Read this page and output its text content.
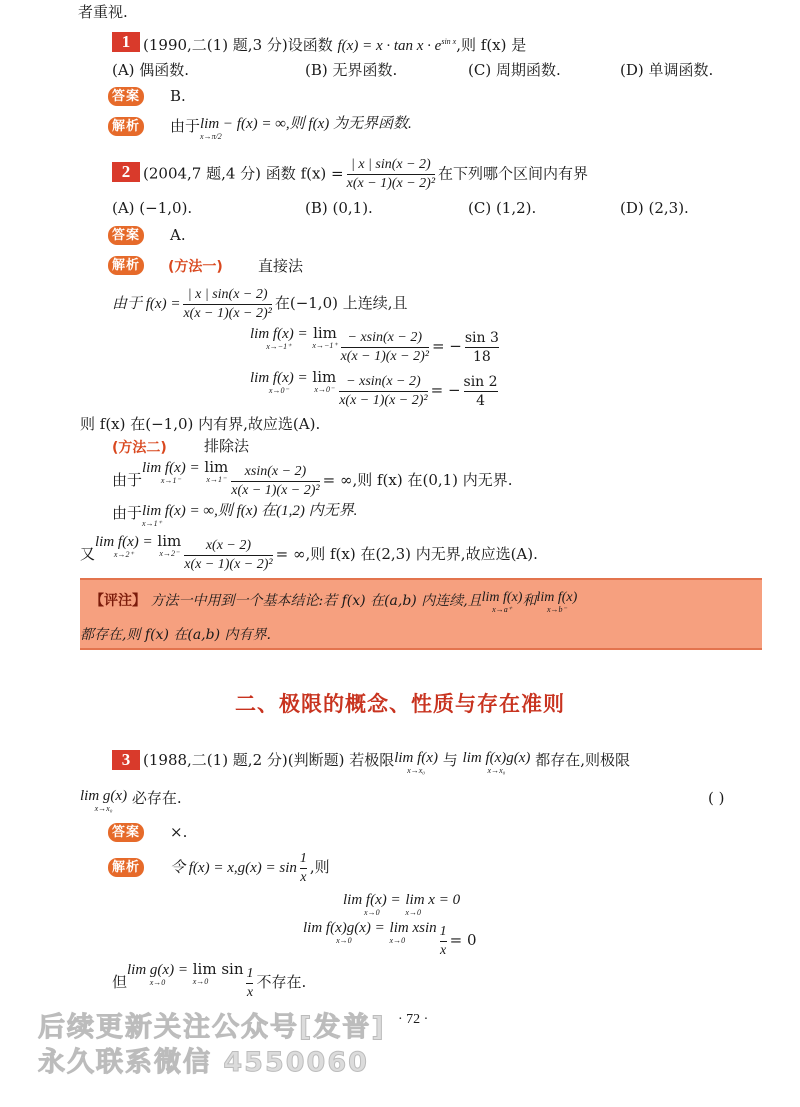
者重视.
1 (1990,二(1) 题,3 分)设函数 $f(x) = x \cdot \tan x \cdot e^{sin x}$,则 f(x) 是
(A) 偶函数.	(B) 无界函数.	(C) 周期函数.	(D) 单调函数.
答案 B.
解析 由于lim − f(x) = ∞,则 f(x) 为无界函数.
x→π/2
2 (2004,7 题,4 分) 函数 $f(x) = \frac{| x | \sin(x - 2)}{\text{x(x − 1)(x − 2)²}}$ 在下列哪个区间内有界
(A) (−1,0).	(B) (0,1).	(C) (1,2).	(D) (2,3).
答案 A.
解析 (方法一) 直接法
由于 $f(x) = \frac{| x | \sin(x - 2)}{\text{x(x − 1)(x − 2)²}}$ 在(−1,0) 上连续,且
lim f(x) =
x→−1⁺
lim
$x\to-1^+ \frac{- xsin(x - 2)}{\text{x(x − 1)(x − 2)²}}$ = − $\frac{\sin 3}{18}$
lim f(x) =
x→0⁻
lim
$x\to 0^- \frac{- xsin(x - 2)}{\text{x(x − 1)(x − 2)²}}$ = − $\frac{\sin 2}{4}$
则 f(x) 在(−1,0) 内有界,故应选(A).
(方法二) 排除法
由于lim f(x) =
x→1⁻
lim
$x\to 1^- \frac{xsin(x - 2)}{\text{x(x − 1)(x − 2)²}}$ = ∞,则 f(x) 在(0,1) 内无界.
由于lim f(x) = ∞,则 f(x) 在(1,2) 内无界.
x→1⁺
又lim f(x) =
x→2⁺
lim
$x\to 2^- \frac{x(x - 2)}{\text{x(x − 1)(x − 2)²}}$ = ∞,则 f(x) 在(2,3) 内无界,故应选(A).
【评注】 方法一中用到一个基本结论:若 f(x) 在(a,b) 内连续,且lim f(x)
x→a⁺
和lim f(x)
x→b⁻
都存在,则 f(x) 在(a,b) 内有界.
二、极限的概念、性质与存在准则
3 (1988,二(1) 题,2 分)(判断题) 若极限lim f(x)
x→x₀
与 lim f(x)g(x)
x→x₀
都存在,则极限
lim g(x)
x→x₀
必存在.	( )
答案 ×.
解析 令 $f(x) = x,g(x) = \sin \frac{1}{x}$ ,则
lim f(x) =
x→0
lim x = 0
x→0
lim f(x)g(x) =
x→0
lim xsin
x→0	$\frac{1}{x} = 0$
但lim g(x) =
x→0
lim sin
x→0	$\frac{1}{x}$ 不存在.
· 72 ·
后续更新关注公众号[发普]
永久联系微信 4550060
